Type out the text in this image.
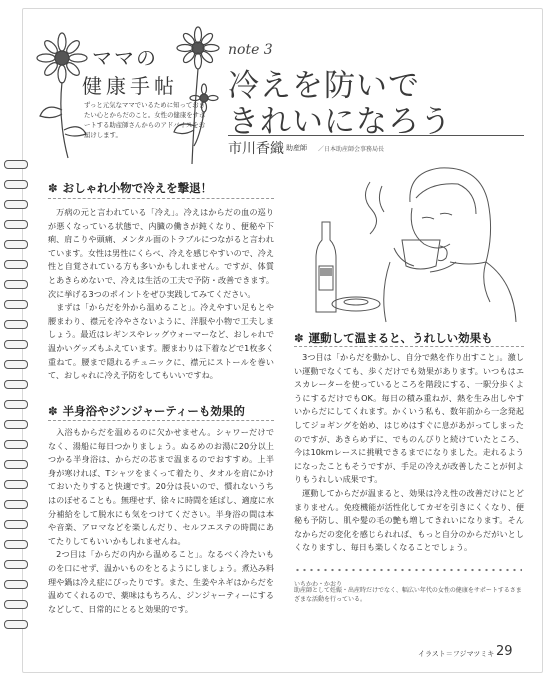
ママの
健康手帖
ずっと元気なママでいるために知っておきたい心とからだのこと。女性の健康をサポートする助産師さんからのアドバイスをお届けします。
note 3
冷えを防いで
きれいになろう
市川香織 助産師 ／日本助産師会事務局長
✽ おしゃれ小物で冷えを撃退！

万病の元と言われている「冷え」。冷えはからだの血の巡りが悪くなっている状態で、内臓の働きが鈍くなり、便秘や下痢、肩こりや頭痛、メンタル面のトラブルにつながると言われています。女性は男性にくらべ、冷えを感じやすいので、冷え性と自覚されている方も多いかもしれません。ですが、体質とあきらめないで、冷えは生活の工夫で予防・改善できます。次に挙げる3つのポイントをぜひ実践してみてください。

まずは「からだを外から温めること」。冷えやすい足もとや腰まわり、襟元を冷やさないように、洋服や小物で工夫しましょう。最近はレギンスやレッグウォーマーなど、おしゃれで温かいグッズもふえています。腰まわりは下着などで1枚多く重ねて。腰まで隠れるチュニックに、襟元にストールを巻いて、おしゃれに冷え予防をしてもいいですね。

✽ 半身浴やジンジャーティーも効果的

入浴もからだを温めるのに欠かせません。シャワーだけでなく、湯船に毎日つかりましょう。ぬるめのお湯に20分以上つかる半身浴は、からだの芯まで温まるのでおすすめ。上半身が寒ければ、Tシャツをまくって着たり、タオルを肩にかけておいたりすると快適です。20分は長いので、慣れないうちはのぼせることも。無理せず、徐々に時間を延ばし、適度に水分補給をして脱水にも気をつけてください。半身浴の間は本や音楽、アロマなどを楽しんだり、セルフエステの時間にあてたりしてもいいかもしれませんね。

2つ目は「からだの内から温めること」。なるべく冷たいものを口にせず、温かいものをとるようにしましょう。煮込み料理や鍋は冷え症にぴったりです。また、生姜やネギはからだを温めてくれるので、薬味はもちろん、ジンジャーティーにするなどして、日常的にとると効果的です。

✽ 運動して温まると、うれしい効果も

3つ目は「からだを動かし、自分で熱を作り出すこと」。激しい運動でなくても、歩くだけでも効果があります。いつもはエスカレーターを使っているところを階段にする、一駅分歩くようにするだけでもOK。毎日の積み重ねが、熱を生み出しやすいからだにしてくれます。かくいう私も、数年前から一念発起してジョギングを始め、はじめはすぐに息があがってしまったのですが、あきらめずに、でものんびりと続けていたところ、今は10kmレースに挑戦できるまでになりました。走れるようになったこともそうですが、手足の冷えが改善したことが何よりもうれしい成果です。

運動してからだが温まると、効果は冷え性の改善だけにとどまりません。免疫機能が活性化してカゼを引きにくくなり、便秘も予防し、肌や髪の毛の艶も増してきれいになります。そんなからだの変化を感じられれば、もっと自分のからだがいとしくなりますし、毎日も楽しくなることでしょう。

いちかわ・かおり
助産師として妊娠・出産時だけでなく、幅広い年代の女性の健康をサポートするさまざまな活動を行っている。
イラスト＝フジマツミキ 29
